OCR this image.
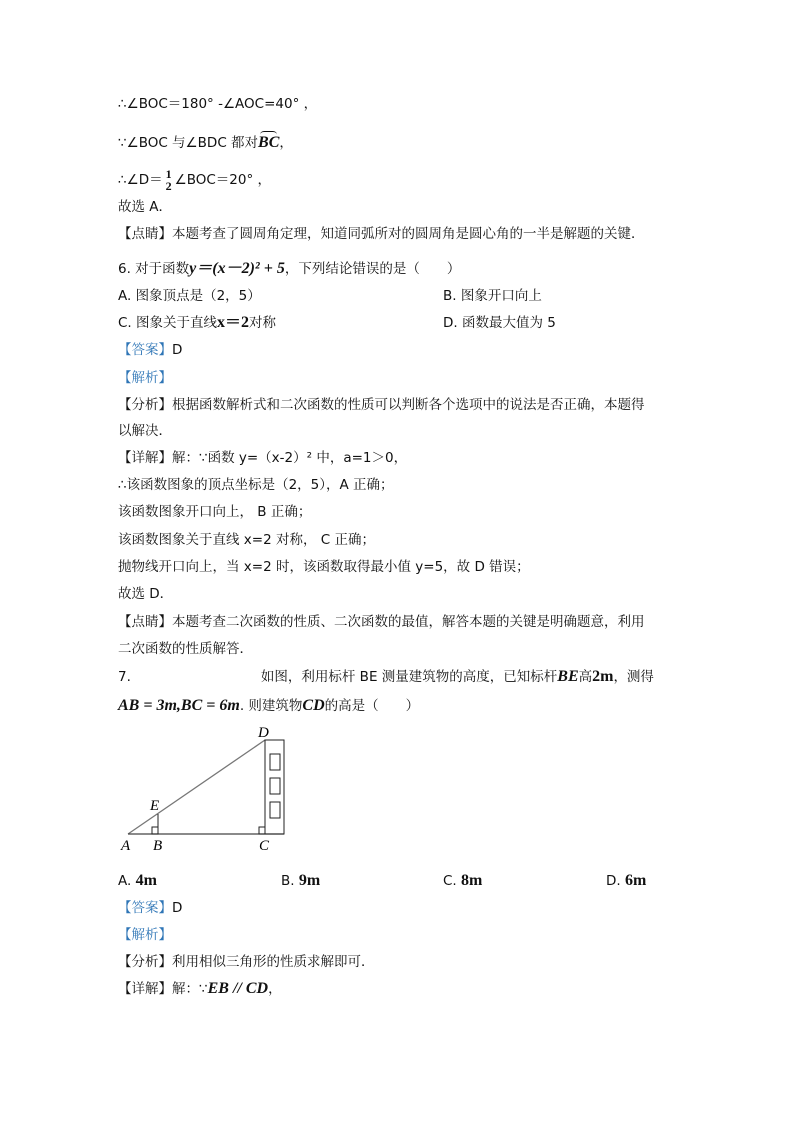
∴∠BOC＝180° -∠AOC=40° ，
∵∠BOC 与∠BDC 都对BC，
∴∠D＝ 1
2 ∠BOC＝20° ，
故选 A．
【点睛】本题考查了圆周角定理，知道同弧所对的圆周角是圆心角的一半是解题的关键．
6. 对于函数y＝(x－2)² + 5，下列结论错误的是（　　）
A. 图象顶点是（2，5）	B. 图象开口向上
C. 图象关于直线x＝2对称	D. 函数最大值为 5
【答案】D
【解析】
【分析】根据函数解析式和二次函数的性质可以判断各个选项中的说法是否正确，本题得
以解决．
【详解】解：∵函数 y=（x-2）² 中，a=1＞0，
∴该函数图象的顶点坐标是（2，5），A 正确；
该函数图象开口向上， B 正确；
该函数图象关于直线 x=2 对称， C 正确；
抛物线开口向上，当 x=2 时，该函数取得最小值 y=5，故 D 错误；
故选 D．
【点睛】本题考查二次函数的性质、二次函数的最值，解答本题的关键是明确题意，利用
二次函数的性质解答．
7.	如图，利用标杆 BE 测量建筑物的高度，已知标杆BE高2m，测得
AB = 3m,BC = 6m. 则建筑物CD的高是（　　）
A B
E
C
D
A. 4m	B. 9m	C. 8m	D. 6m
【答案】D
【解析】
【分析】利用相似三角形的性质求解即可．
【详解】解：∵EB // CD，
